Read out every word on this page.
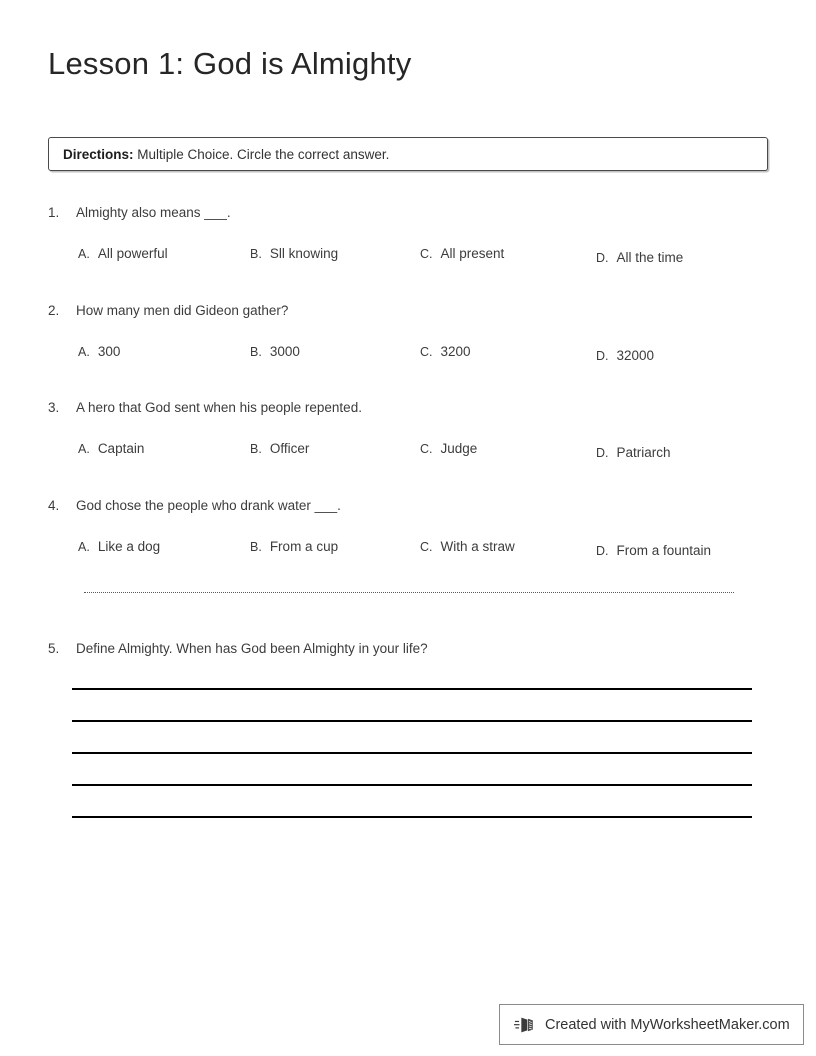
Lesson 1: God is Almighty
Directions: Multiple Choice. Circle the correct answer.
1.	Almighty also means ___.
A. All powerful	B. Sll knowing	C. All present	D. All the time
2.	How many men did Gideon gather?
A. 300	B. 3000	C. 3200	D. 32000
3.	A hero that God sent when his people repented.
A. Captain	B. Officer	C. Judge	D. Patriarch
4.	God chose the people who drank water ___.
A. Like a dog	B. From a cup	C. With a straw	D. From a fountain
5.	Define Almighty. When has God been Almighty in your life?
Created with MyWorksheetMaker.com
